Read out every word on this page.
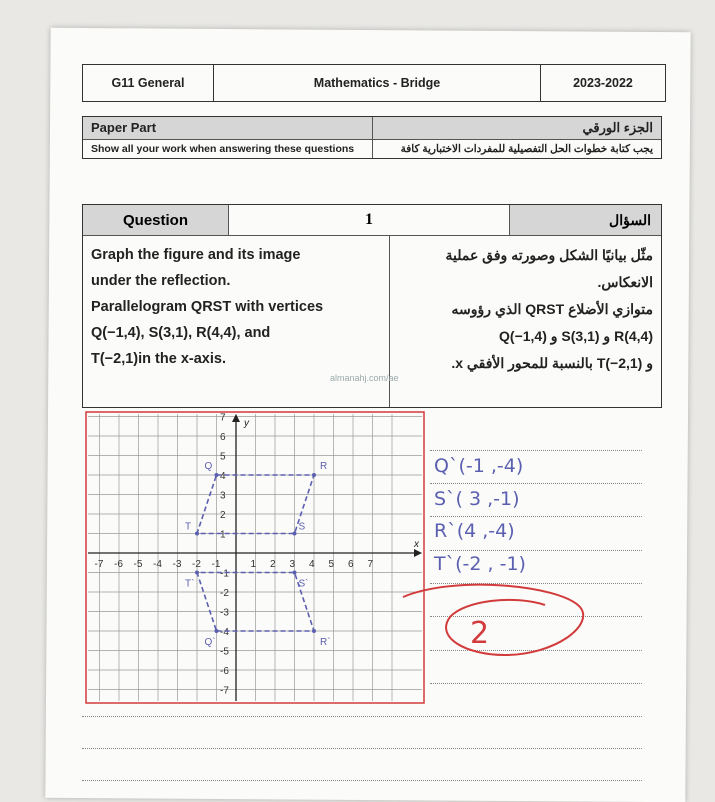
G11 General	Mathematics - Bridge	2023-2022
Paper Part	الجزء الورقي
Show all your work when answering these questions	يجب كتابة خطوات الحل التفصيلية للمفردات الاختبارية كافة
Question	1	السؤال
Graph the figure and its image
under the reflection.
Parallelogram QRST with vertices
Q(−1,4), S(3,1), R(4,4), and
T(−2,1)in the x-axis.
مثّل بيانيًا الشكل وصورته وفق عملية
الانعكاس.
متوازي الأضلاع QRST الذي رؤوسه
R(4,4) و S(3,1) و Q(−1,4)
و T(−2,1) بالنسبة للمحور الأفقي x.
almanahj.com/ae
x
y
-7
-7
-6
-6
-5
-5
-4
-4
-3
-3
-2
-2
-1
-1
1
1
2
2
3
3
4
4
5
5
6
6
7
7
Q
Q`
R
R`
S
S`
T
T`
Q`(-1 ,-4)
S`( 3 ,-1)
R`(4 ,-4)
T`(-2 , -1)
2
